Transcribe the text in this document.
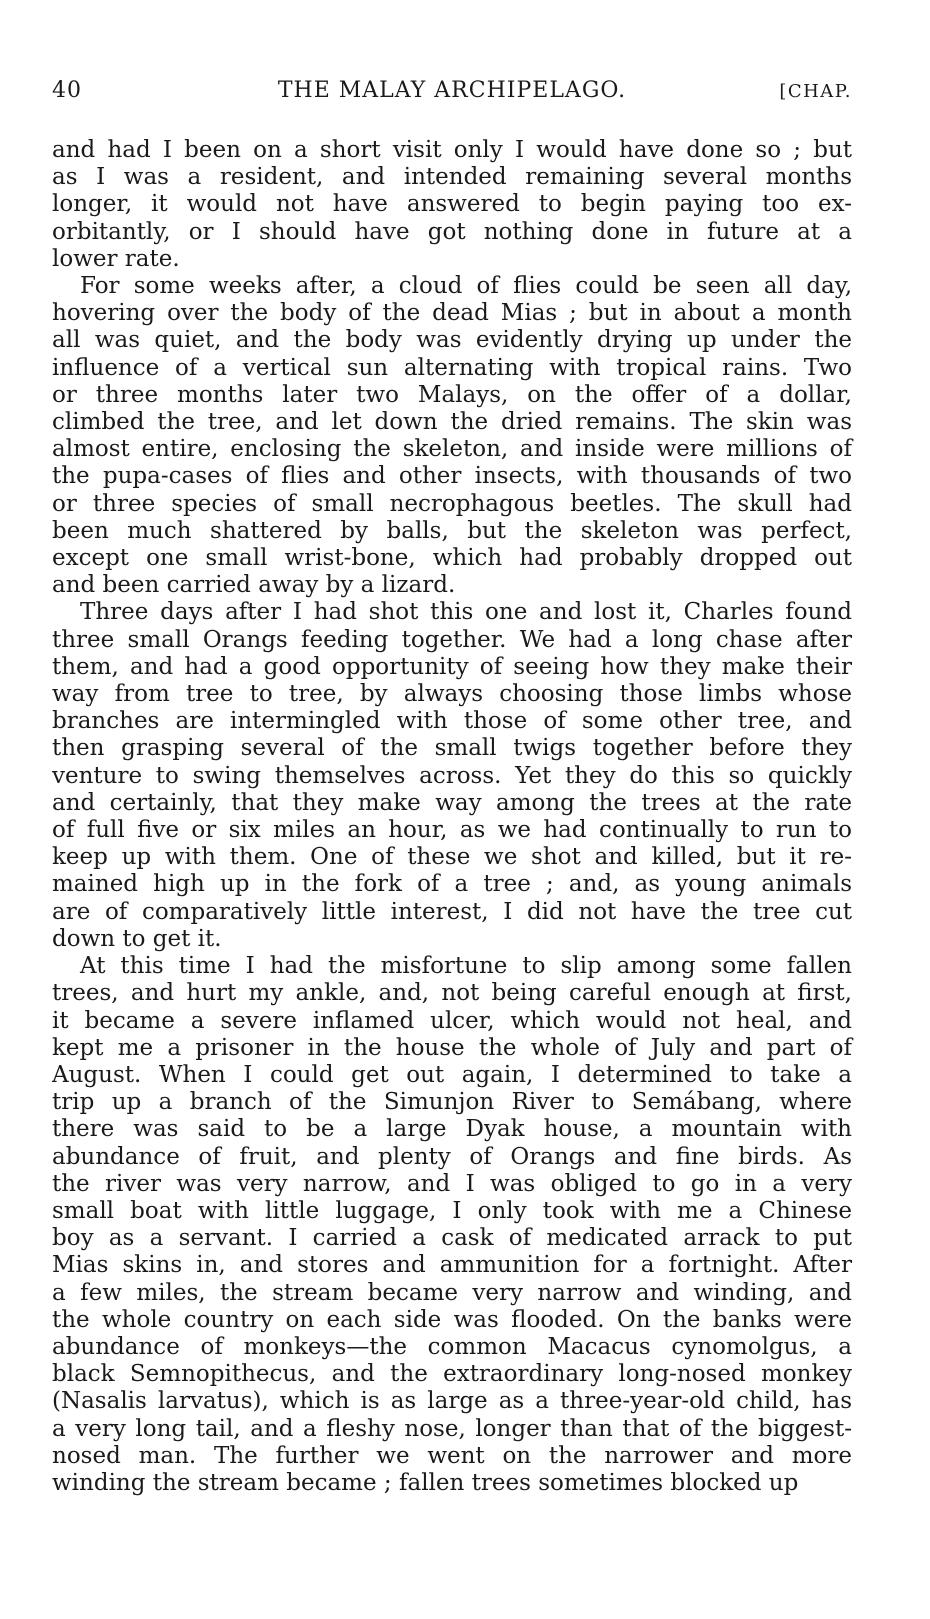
40	THE MALAY ARCHIPELAGO.	[CHAP.
and had I been on a short visit only I would have done so ; but
as I was a resident, and intended remaining several months
longer, it would not have answered to begin paying too ex-
orbitantly, or I should have got nothing done in future at a
lower rate.
For some weeks after, a cloud of flies could be seen all day,
hovering over the body of the dead Mias ; but in about a month
all was quiet, and the body was evidently drying up under the
influence of a vertical sun alternating with tropical rains. Two
or three months later two Malays, on the offer of a dollar,
climbed the tree, and let down the dried remains. The skin was
almost entire, enclosing the skeleton, and inside were millions of
the pupa-cases of flies and other insects, with thousands of two
or three species of small necrophagous beetles. The skull had
been much shattered by balls, but the skeleton was perfect,
except one small wrist-bone, which had probably dropped out
and been carried away by a lizard.
Three days after I had shot this one and lost it, Charles found
three small Orangs feeding together. We had a long chase after
them, and had a good opportunity of seeing how they make their
way from tree to tree, by always choosing those limbs whose
branches are intermingled with those of some other tree, and
then grasping several of the small twigs together before they
venture to swing themselves across. Yet they do this so quickly
and certainly, that they make way among the trees at the rate
of full five or six miles an hour, as we had continually to run to
keep up with them. One of these we shot and killed, but it re-
mained high up in the fork of a tree ; and, as young animals
are of comparatively little interest, I did not have the tree cut
down to get it.
At this time I had the misfortune to slip among some fallen
trees, and hurt my ankle, and, not being careful enough at first,
it became a severe inflamed ulcer, which would not heal, and
kept me a prisoner in the house the whole of July and part of
August. When I could get out again, I determined to take a
trip up a branch of the Simunjon River to Semábang, where
there was said to be a large Dyak house, a mountain with
abundance of fruit, and plenty of Orangs and fine birds. As
the river was very narrow, and I was obliged to go in a very
small boat with little luggage, I only took with me a Chinese
boy as a servant. I carried a cask of medicated arrack to put
Mias skins in, and stores and ammunition for a fortnight. After
a few miles, the stream became very narrow and winding, and
the whole country on each side was flooded. On the banks were
abundance of monkeys—the common Macacus cynomolgus, a
black Semnopithecus, and the extraordinary long-nosed monkey
(Nasalis larvatus), which is as large as a three-year-old child, has
a very long tail, and a fleshy nose, longer than that of the biggest-
nosed man. The further we went on the narrower and more
winding the stream became ; fallen trees sometimes blocked up
